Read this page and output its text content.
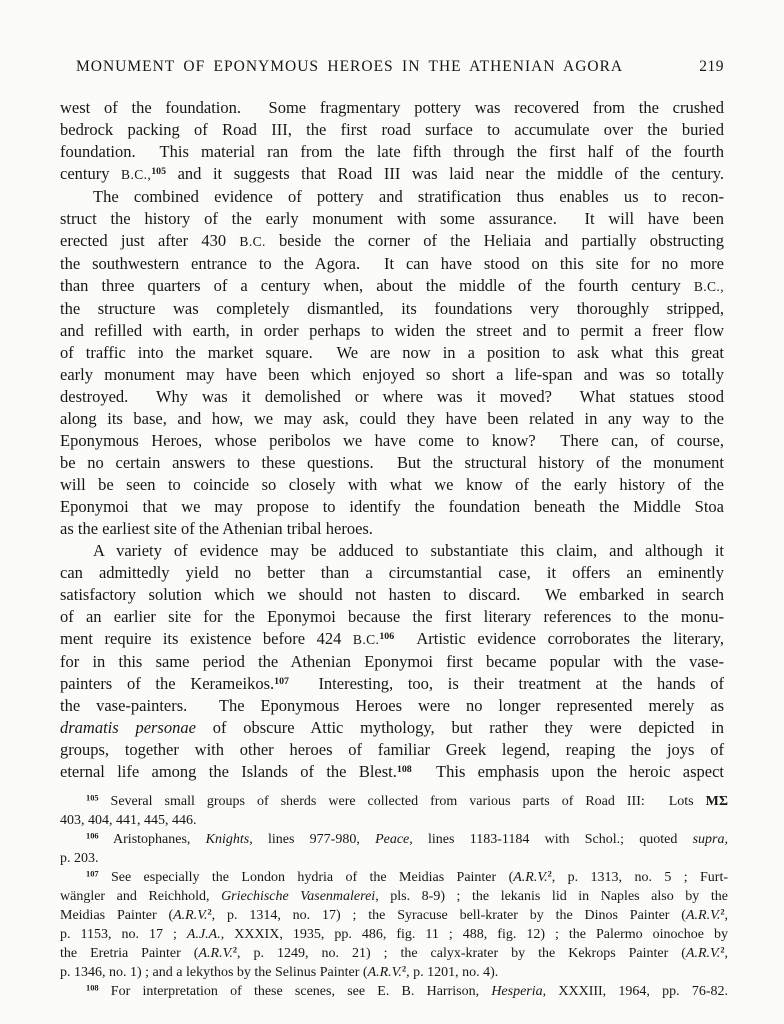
MONUMENT OF EPONYMOUS HEROES IN THE ATHENIAN AGORA	219
west of the foundation.  Some fragmentary pottery was recovered from the crushed
bedrock packing of Road III, the first road surface to accumulate over the buried
foundation.  This material ran from the late fifth through the first half of the fourth
century B.C.,$^{105}$ and it suggests that Road III was laid near the middle of the century.
The combined evidence of pottery and stratification thus enables us to recon-
struct the history of the early monument with some assurance.  It will have been
erected just after 430 B.C. beside the corner of the Heliaia and partially obstructing
the southwestern entrance to the Agora.  It can have stood on this site for no more
than three quarters of a century when, about the middle of the fourth century B.C.,
the structure was completely dismantled, its foundations very thoroughly stripped,
and refilled with earth, in order perhaps to widen the street and to permit a freer flow
of traffic into the market square.  We are now in a position to ask what this great
early monument may have been which enjoyed so short a life-span and was so totally
destroyed.  Why was it demolished or where was it moved?  What statues stood
along its base, and how, we may ask, could they have been related in any way to the
Eponymous Heroes, whose peribolos we have come to know?  There can, of course,
be no certain answers to these questions.  But the structural history of the monument
will be seen to coincide so closely with what we know of the early history of the
Eponymoi that we may propose to identify the foundation beneath the Middle Stoa
as the earliest site of the Athenian tribal heroes.
A variety of evidence may be adduced to substantiate this claim, and although it
can admittedly yield no better than a circumstantial case, it offers an eminently
satisfactory solution which we should not hasten to discard.  We embarked in search
of an earlier site for the Eponymoi because the first literary references to the monu-
ment require its existence before 424 B.C.$^{106}$  Artistic evidence corroborates the literary,
for in this same period the Athenian Eponymoi first became popular with the vase-
painters of the Kerameikos.$^{107}$  Interesting, too, is their treatment at the hands of
the vase-painters.  The Eponymous Heroes were no longer represented merely as
dramatis personae of obscure Attic mythology, but rather they were depicted in
groups, together with other heroes of familiar Greek legend, reaping the joys of
eternal life among the Islands of the Blest.$^{108}$  This emphasis upon the heroic aspect
$^{105}$ Several small groups of sherds were collected from various parts of Road III:  Lots ΜΣ
403, 404, 441, 445, 446.
$^{106}$ Aristophanes, Knights, lines 977-980, Peace, lines 1183-1184 with Schol.; quoted supra,
p. 203.
$^{107}$ See especially the London hydria of the Meidias Painter (A.R.V.$^2$, p. 1313, no. 5 ; Furt-
wängler and Reichhold, Griechische Vasenmalerei, pls. 8-9) ; the lekanis lid in Naples also by the
Meidias Painter (A.R.V.$^2$, p. 1314, no. 17) ; the Syracuse bell-krater by the Dinos Painter (A.R.V.$^2$,
p. 1153, no. 17 ; A.J.A., XXXIX, 1935, pp. 486, fig. 11 ; 488, fig. 12) ; the Palermo oinochoe by
the Eretria Painter (A.R.V.$^2$, p. 1249, no. 21) ; the calyx-krater by the Kekrops Painter (A.R.V.$^2$,
p. 1346, no. 1) ; and a lekythos by the Selinus Painter (A.R.V.$^2$, p. 1201, no. 4).
$^{108}$ For interpretation of these scenes, see E. B. Harrison, Hesperia, XXXIII, 1964, pp. 76-82.
